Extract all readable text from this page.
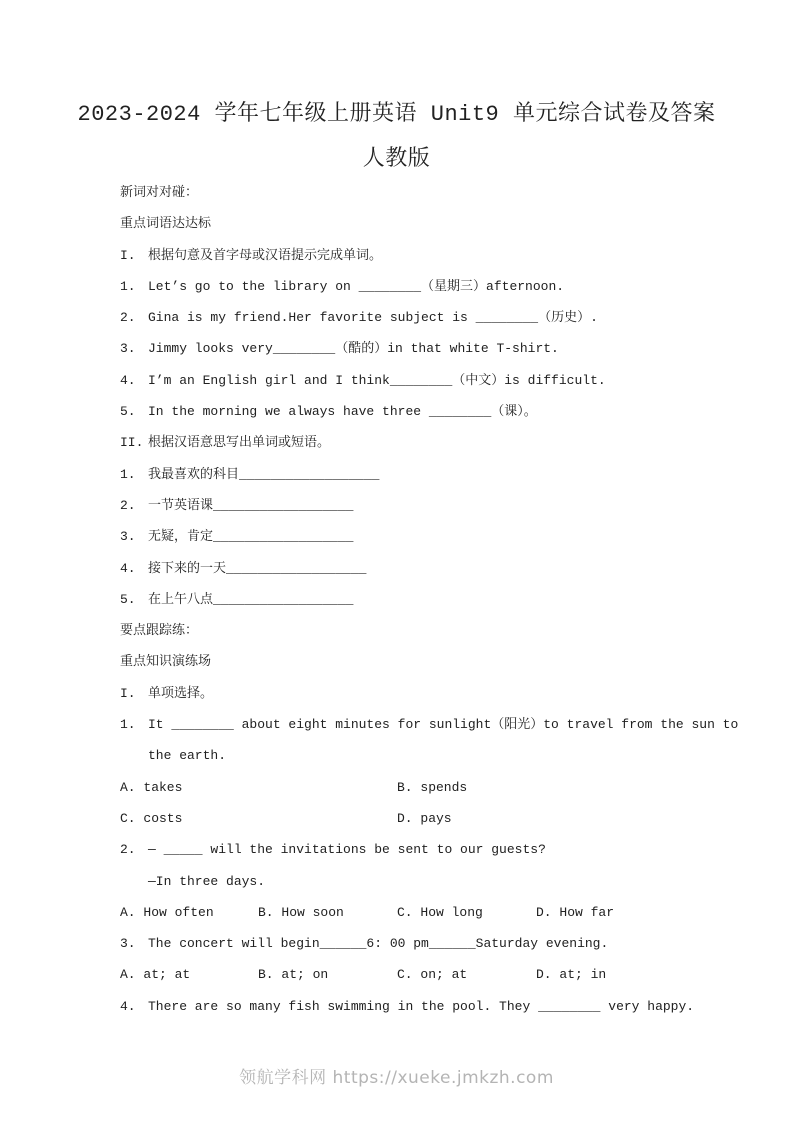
2023-2024 学年七年级上册英语 Unit9 单元综合试卷及答案
人教版
新词对对碰：
重点词语达达标
I. 根据句意及首字母或汉语提示完成单词。
1. Let’s go to the library on ________（星期三）afternoon.
2. Gina is my friend.Her favorite subject is ________（历史）.
3. Jimmy looks very________（酷的）in that white T-shirt.
4. I’m an English girl and I think________（中文）is difficult.
5. In the morning we always have three ________（课）。
II. 根据汉语意思写出单词或短语。
1. 我最喜欢的科目__________________
2. 一节英语课__________________
3. 无疑，肯定__________________
4. 接下来的一天__________________
5. 在上午八点__________________
要点跟踪练：
重点知识演练场
I. 单项选择。
1. It ________ about eight minutes for sunlight（阳光）to travel from the sun to
the earth.
A. takes	B. spends
C. costs	D. pays
2. — _____ will the invitations be sent to our guests?
—In three days.
A. How often	B. How soon	C. How long	D. How far
3. The concert will begin______6: 00 pm______Saturday evening.
A. at; at	B. at; on	C. on; at	D. at; in
4. There are so many fish swimming in the pool. They ________ very happy.
领航学科网 https://xueke.jmkzh.com
